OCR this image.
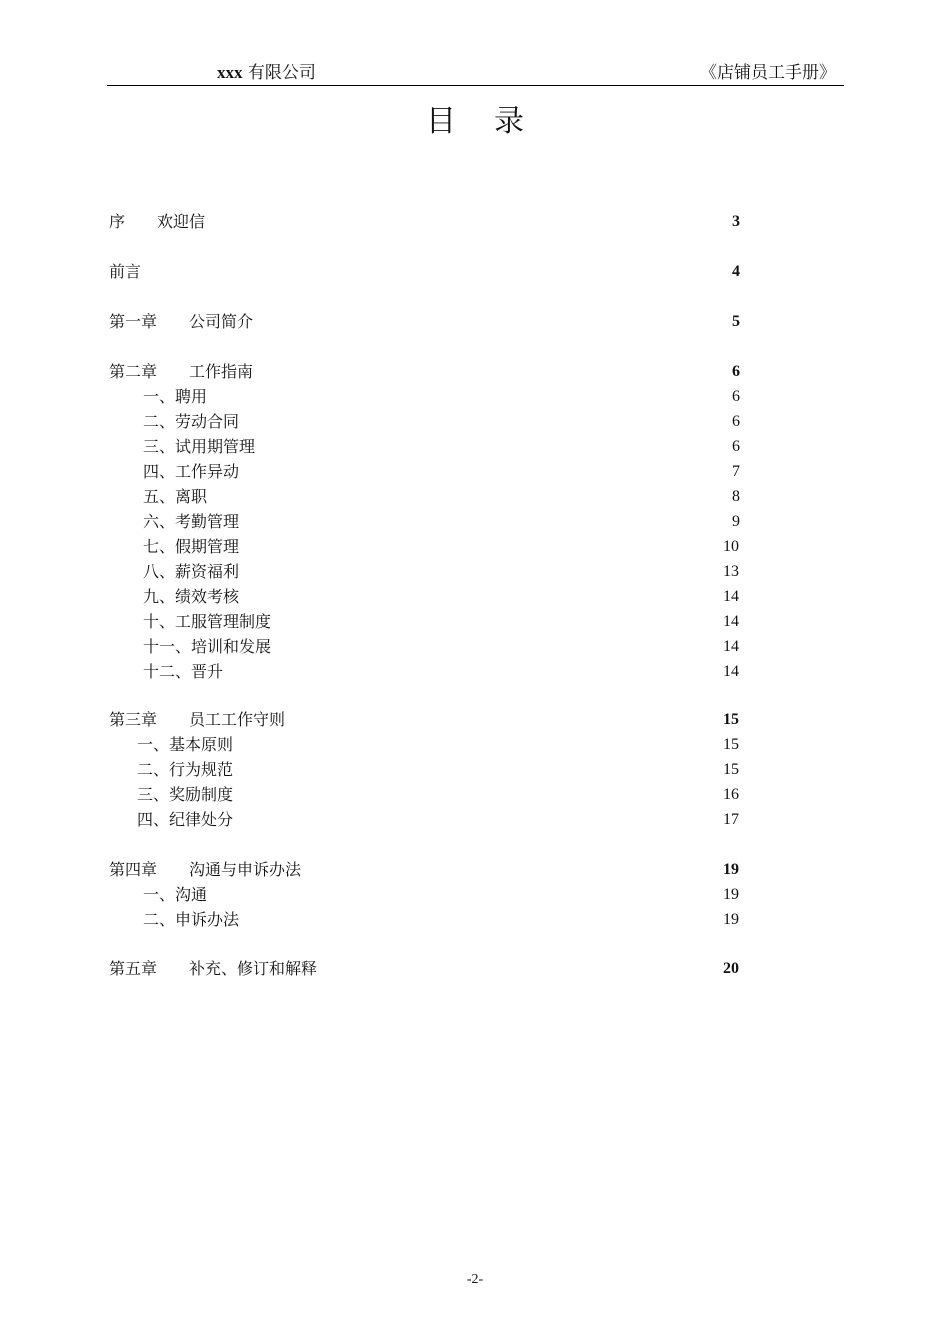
xxx 有限公司	《店铺员工手册》
目录
序　　欢迎信	3
前言	4
第一章　　公司简介	5
第二章　　工作指南	6
一、聘用	6
二、劳动合同	6
三、试用期管理	6
四、工作异动	7
五、离职	8
六、考勤管理	9
七、假期管理	10
八、薪资福利	13
九、绩效考核	14
十、工服管理制度	14
十一、培训和发展	14
十二、晋升	14
第三章　　员工工作守则	15
一、基本原则	15
二、行为规范	15
三、奖励制度	16
四、纪律处分	17
第四章　　沟通与申诉办法	19
一、沟通	19
二、申诉办法	19
第五章　　补充、修订和解释	20
-2-
